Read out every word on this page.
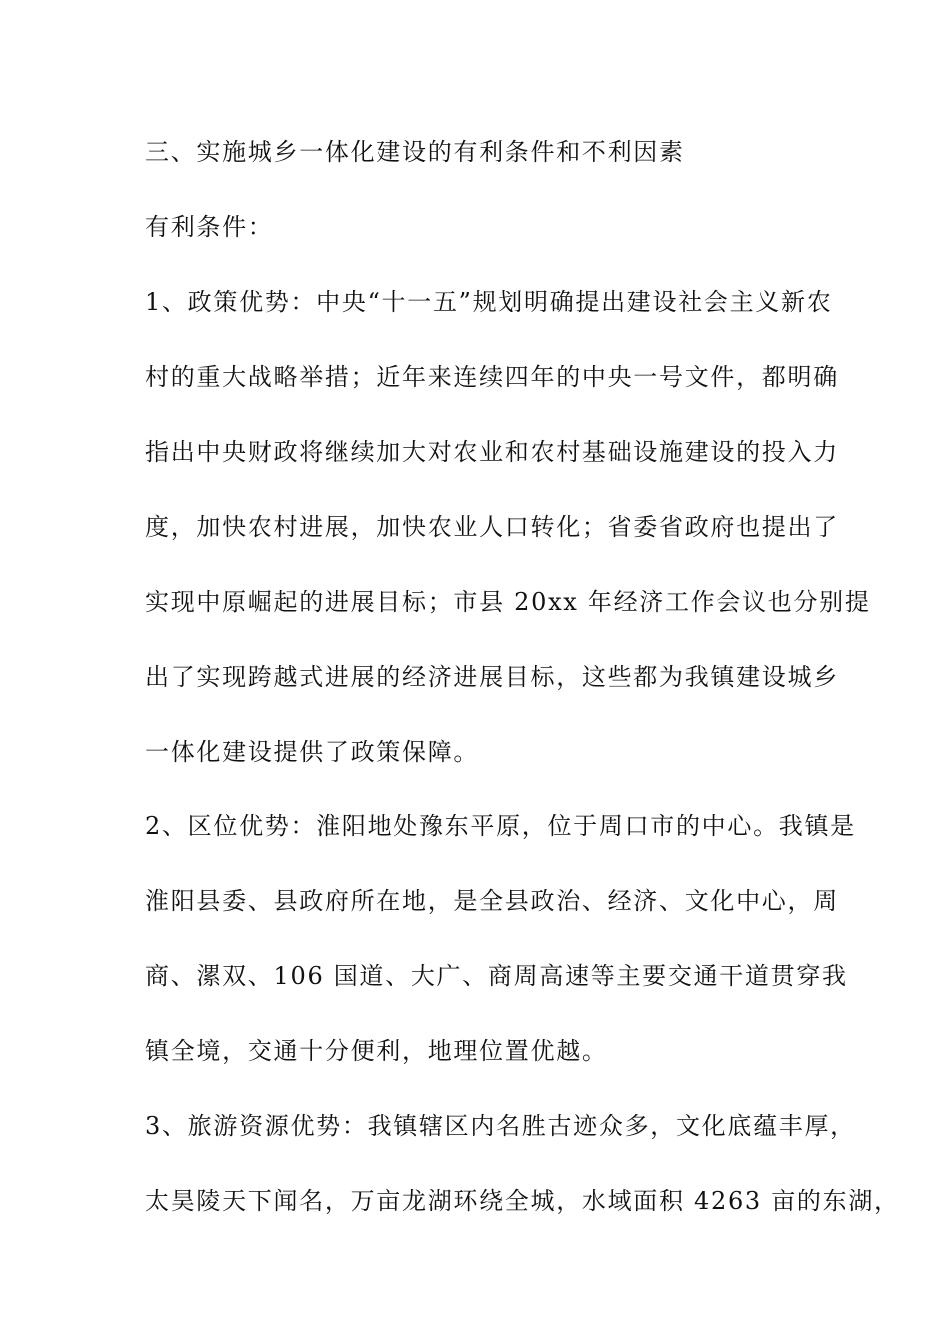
三、实施城乡一体化建设的有利条件和不利因素
有利条件：
1、政策优势：中央“十一五”规划明确提出建设社会主义新农
村的重大战略举措；近年来连续四年的中央一号文件，都明确
指出中央财政将继续加大对农业和农村基础设施建设的投入力
度，加快农村进展，加快农业人口转化；省委省政府也提出了
实现中原崛起的进展目标；市县 20xx 年经济工作会议也分别提
出了实现跨越式进展的经济进展目标，这些都为我镇建设城乡
一体化建设提供了政策保障。
2、区位优势：淮阳地处豫东平原，位于周口市的中心。我镇是
淮阳县委、县政府所在地，是全县政治、经济、文化中心，周
商、漯双、106 国道、大广、商周高速等主要交通干道贯穿我
镇全境，交通十分便利，地理位置优越。
3、旅游资源优势：我镇辖区内名胜古迹众多，文化底蕴丰厚，
太昊陵天下闻名，万亩龙湖环绕全城，水域面积 4263 亩的东湖，
